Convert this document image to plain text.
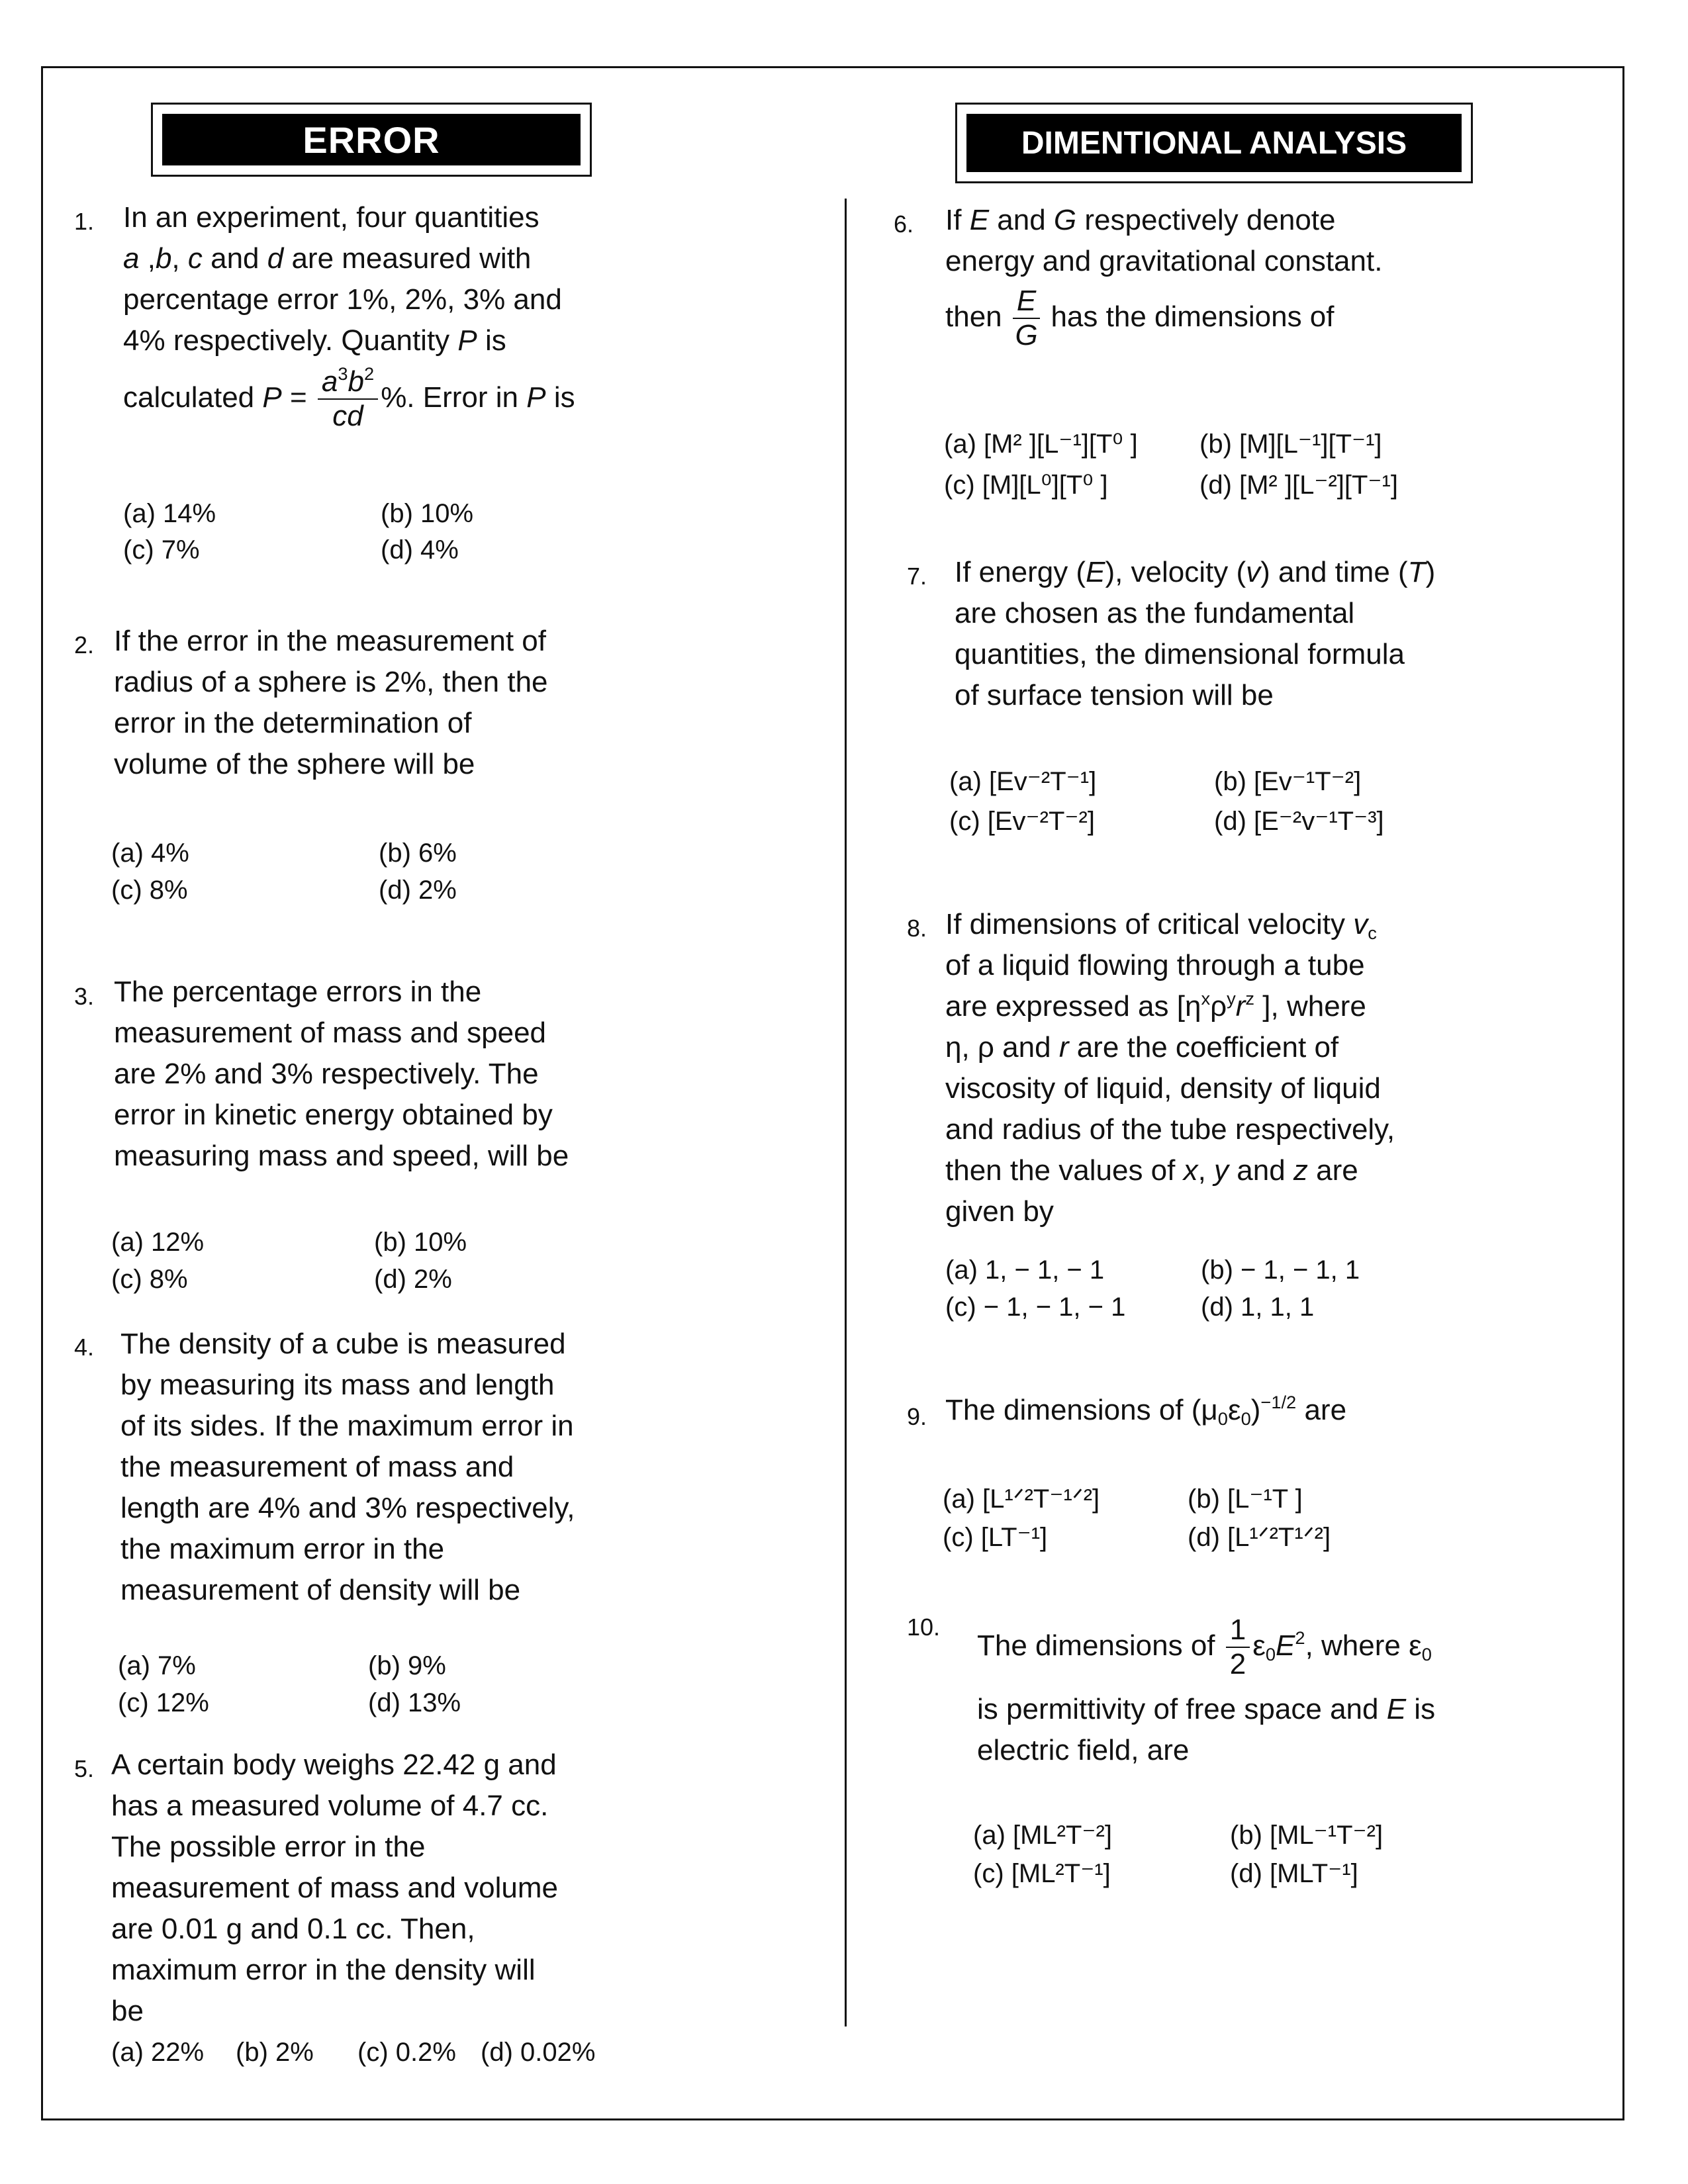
ERROR	DIMENTIONAL ANALYSIS
1. In an experiment, four quantities
a ,b, c and d are measured with
percentage error 1%, 2%, 3% and
4% respectively. Quantity P is
calculated $P = \frac{a^3b^2}{cd}$ %. Error in P is
(a) 14%	(b) 10%
(c) 7%	(d) 4%
2. If the error in the measurement of
radius of a sphere is 2%, then the
error in the determination of
volume of the sphere will be
(a) 4%	(b) 6%
(c) 8%	(d) 2%
3. The percentage errors in the
measurement of mass and speed
are 2% and 3% respectively. The
error in kinetic energy obtained by
measuring mass and speed, will be
(a) 12%	(b) 10%
(c) 8%	(d) 2%
4. The density of a cube is measured
by measuring its mass and length
of its sides. If the maximum error in
the measurement of mass and
length are 4% and 3% respectively,
the maximum error in the
measurement of density will be
(a) 7%	(b) 9%
(c) 12%	(d) 13%
5. A certain body weighs 22.42 g and
has a measured volume of 4.7 cc.
The possible error in the
measurement of mass and volume
are 0.01 g and 0.1 cc. Then,
maximum error in the density will
be
(a) 22% (b) 2% (c) 0.2% (d) 0.02%
6. If E and G respectively denote
energy and gravitational constant.
then $\frac{E}{G}$ has the dimensions of
(a) [M² ][L⁻¹][T⁰ ] (b) [M][L⁻¹][T⁻¹]
(c) [M][L⁰][T⁰ ]	(d) [M² ][L⁻²][T⁻¹]
7. If energy (E), velocity (v) and time (T)
are chosen as the fundamental
quantities, the dimensional formula
of surface tension will be
(a) [Ev⁻²T⁻¹]	(b) [Ev⁻¹T⁻²]
(c) [Ev⁻²T⁻²]	(d) [E⁻²v⁻¹T⁻³]
8. If dimensions of critical velocity $v_c$
of a liquid flowing through a tube
are expressed as [$\eta^x\rho^yr^z$ ], where
η, ρ and r are the coefficient of
viscosity of liquid, density of liquid
and radius of the tube respectively,
then the values of x, y and z are
given by
(a) 1, − 1, − 1	(b) − 1, − 1, 1
(c) − 1, − 1, − 1	(d) 1, 1, 1
9. The dimensions of $(\mu_0\varepsilon_0)^{-1/2}$ are
(a) [L¹ᐟ²T⁻¹ᐟ²]	(b) [L⁻¹T ]
(c) [LT⁻¹]	(d) [L¹ᐟ²T¹ᐟ²]
10.
The dimensions of $\frac{1}{2} \varepsilon_0E^2$, where $\varepsilon_0$
is permittivity of free space and E is
electric field, are
(a) [ML²T⁻²]	(b) [ML⁻¹T⁻²]
(c) [ML²T⁻¹]	(d) [MLT⁻¹]
